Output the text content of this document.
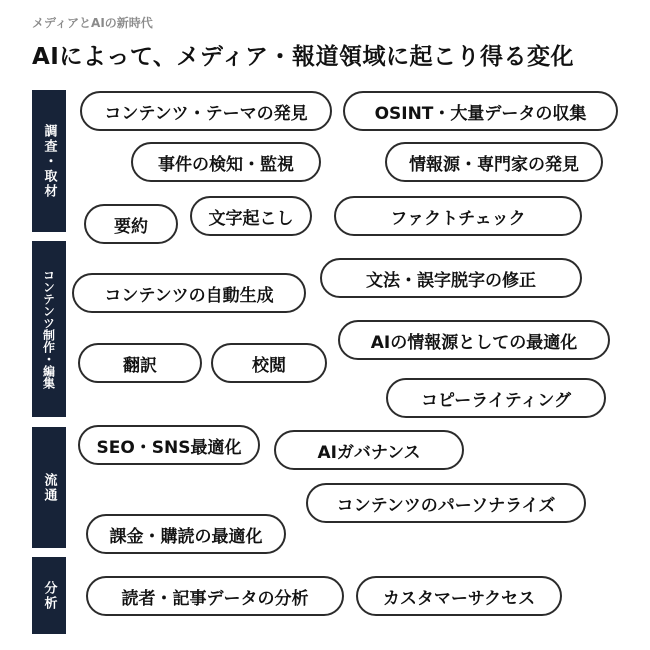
メディアとAIの新時代
AIによって、メディア・報道領域に起こり得る変化
調査・取材
コンテンツ・テーマの発見	OSINT・大量データの収集
事件の検知・監視	情報源・専門家の発見
要約	文字起こし	ファクトチェック
コンテンツ制作・編集	コンテンツの自動生成
文法・誤字脱字の修正
AIの情報源としての最適化
翻訳	校閲
コピーライティング
流通
SEO・SNS最適化	AIガバナンス
コンテンツのパーソナライズ
課金・購読の最適化
分析	読者・記事データの分析	カスタマーサクセス
